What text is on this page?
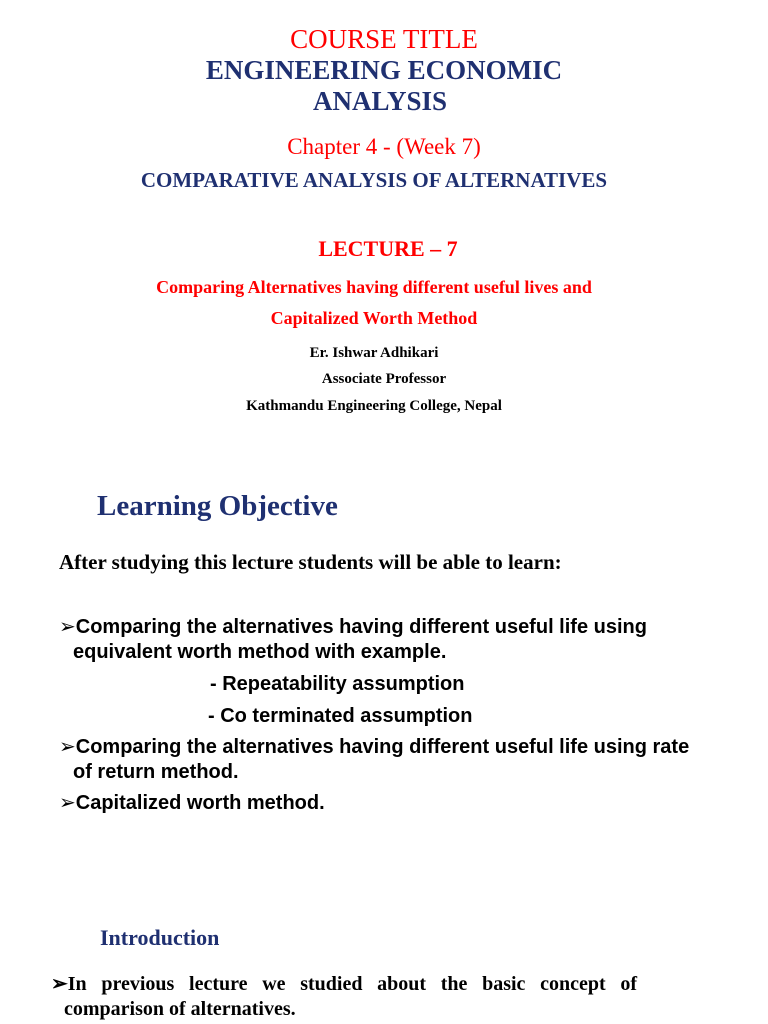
COURSE TITLE
ENGINEERING ECONOMIC
ANALYSIS
Chapter 4 - (Week 7)
COMPARATIVE ANALYSIS OF ALTERNATIVES
LECTURE – 7
Comparing Alternatives having different useful lives and
Capitalized Worth Method
Er. Ishwar Adhikari
Associate Professor
Kathmandu Engineering College, Nepal
Learning Objective
After studying this lecture students will be able to learn:
➢Comparing the alternatives having different useful life using
equivalent worth method with example.
- Repeatability assumption
- Co terminated assumption
➢Comparing the alternatives having different useful life using rate
of return method.
➢Capitalized worth method.
Introduction
➢In previous lecture we studied about the basic concept of
comparison of alternatives.
